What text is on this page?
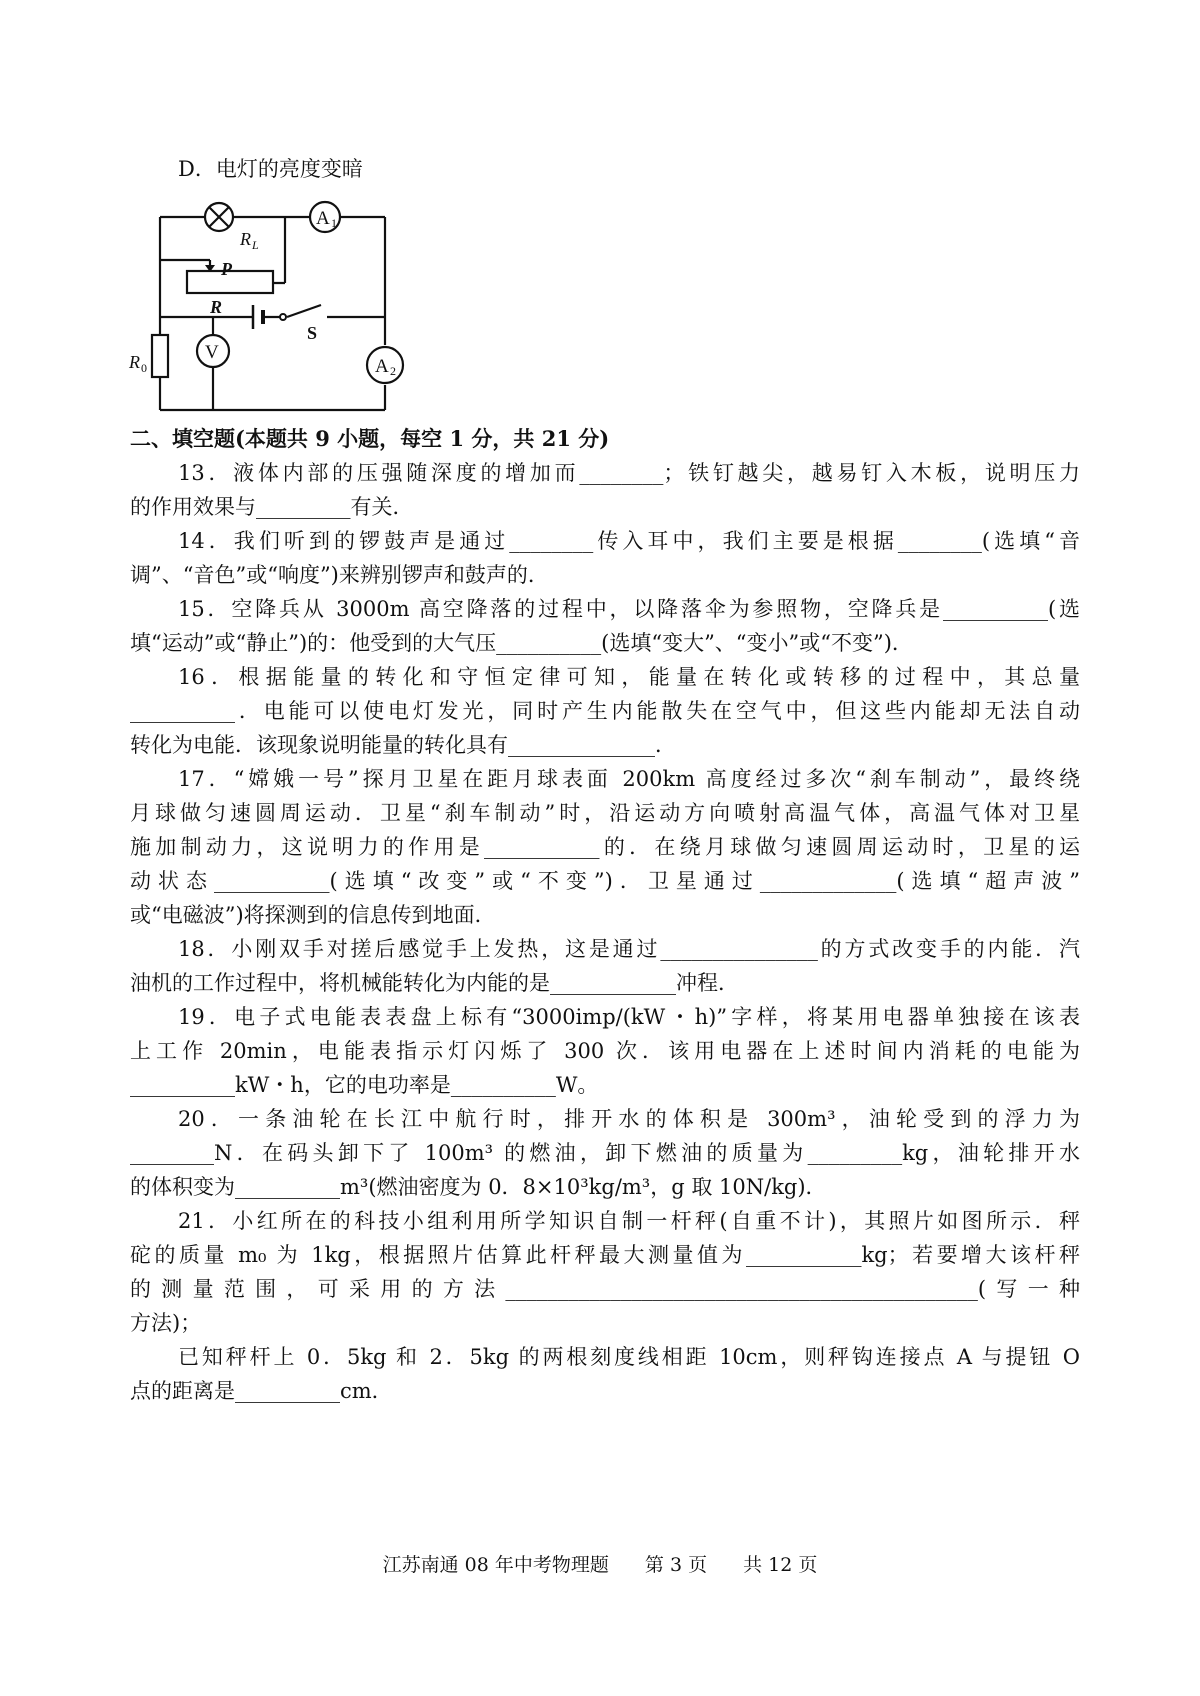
D．电灯的亮度变暗
A 1
R L
P
R
S
R 0
V
A 2
二、填空题(本题共 9 小题，每空 1 分，共 21 分)
13．液体内部的压强随深度的增加而________；铁钉越尖，越易钉入木板，说明压力
的作用效果与_________有关．
14．我们听到的锣鼓声是通过________传入耳中，我们主要是根据________(选填“音
调”、“音色”或“响度”)来辨别锣声和鼓声的．
15．空降兵从 3000m 高空降落的过程中，以降落伞为参照物，空降兵是__________(选
填“运动”或“静止”)的：他受到的大气压__________(选填“变大”、“变小”或“不变”)．
16．根据能量的转化和守恒定律可知，能量在转化或转移的过程中，其总量
__________．电能可以使电灯发光，同时产生内能散失在空气中，但这些内能却无法自动
转化为电能．该现象说明能量的转化具有______________．
17．“嫦娥一号”探月卫星在距月球表面 200km 高度经过多次“刹车制动”，最终绕
月球做匀速圆周运动．卫星“刹车制动”时，沿运动方向喷射高温气体，高温气体对卫星
施加制动力，这说明力的作用是___________的．在绕月球做匀速圆周运动时，卫星的运
动状态___________(选填“改变”或“不变”)．卫星通过_____________(选填“超声波”
或“电磁波”)将探测到的信息传到地面．
18．小刚双手对搓后感觉手上发热，这是通过_______________的方式改变手的内能．汽
油机的工作过程中，将机械能转化为内能的是____________冲程．
19．电子式电能表表盘上标有“3000imp/(kW・h)”字样，将某用电器单独接在该表
上工作 20min，电能表指示灯闪烁了 300 次．该用电器在上述时间内消耗的电能为
__________kW・h，它的电功率是__________W。
20．一条油轮在长江中航行时，排开水的体积是 300m³，油轮受到的浮力为
________N．在码头卸下了 100m³ 的燃油，卸下燃油的质量为_________kg，油轮排开水
的体积变为__________m³(燃油密度为 0．8×10³kg/m³，g 取 10N/kg)．
21．小红所在的科技小组利用所学知识自制一杆秤(自重不计)，其照片如图所示．秤
砣的质量 m₀ 为 1kg，根据照片估算此杆秤最大测量值为___________kg；若要增大该杆秤
的测量范围，可采用的方法_____________________________________________(写一种
方法)；
已知秤杆上 0．5kg 和 2．5kg 的两根刻度线相距 10cm，则秤钩连接点 A 与提钮 O
点的距离是__________cm．
江苏南通 08 年中考物理题 第 3 页 共 12 页
